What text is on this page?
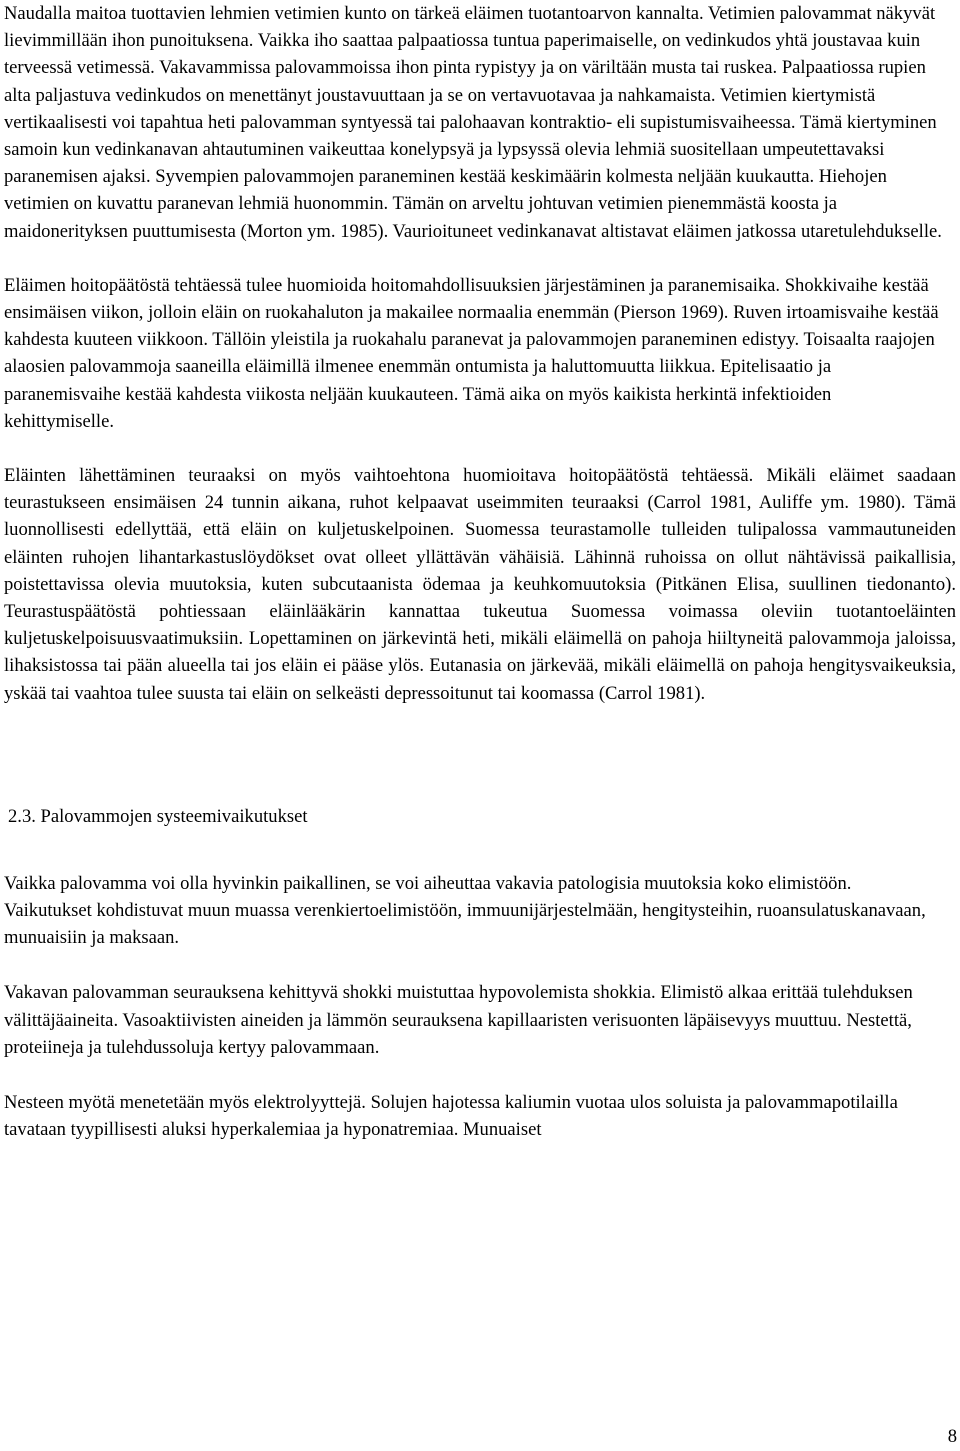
Naudalla maitoa tuottavien lehmien vetimien kunto on tärkeä eläimen tuotantoarvon kannalta. Vetimien palovammat näkyvät lievimmillään ihon punoituksena. Vaikka iho saattaa palpaatiossa tuntua paperimaiselle, on vedinkudos yhtä joustavaa kuin terveessä vetimessä. Vakavammissa palovammoissa ihon pinta rypistyy ja on väriltään musta tai ruskea. Palpaatiossa rupien alta paljastuva vedinkudos on menettänyt joustavuuttaan ja se on vertavuotavaa ja nahkamaista. Vetimien kiertymistä vertikaalisesti voi tapahtua heti palovamman syntyessä tai palohaavan kontraktio- eli supistumisvaiheessa. Tämä kiertyminen samoin kun vedinkanavan ahtautuminen vaikeuttaa konelypsyä ja lypsyssä olevia lehmiä suositellaan umpeutettavaksi paranemisen ajaksi. Syvempien palovammojen paraneminen kestää keskimäärin kolmesta neljään kuukautta. Hiehojen vetimien on kuvattu paranevan lehmiä huonommin. Tämän on arveltu johtuvan vetimien pienemmästä koosta ja maidonerityksen puuttumisesta (Morton ym. 1985). Vaurioituneet vedinkanavat altistavat eläimen jatkossa utaretulehdukselle.

Eläimen hoitopäätöstä tehtäessä tulee huomioida hoitomahdollisuuksien järjestäminen ja paranemisaika. Shokkivaihe kestää ensimäisen viikon, jolloin eläin on ruokahaluton ja makailee normaalia enemmän (Pierson 1969). Ruven irtoamisvaihe kestää kahdesta kuuteen viikkoon. Tällöin yleistila ja ruokahalu paranevat ja palovammojen paraneminen edistyy. Toisaalta raajojen alaosien palovammoja saaneilla eläimillä ilmenee enemmän ontumista ja haluttomuutta liikkua. Epitelisaatio ja paranemisvaihe kestää kahdesta viikosta neljään kuukauteen. Tämä aika on myös kaikista herkintä infektioiden kehittymiselle.

Eläinten lähettäminen teuraaksi on myös vaihtoehtona huomioitava hoitopäätöstä tehtäessä. Mikäli eläimet saadaan teurastukseen ensimäisen 24 tunnin aikana, ruhot kelpaavat useimmiten teuraaksi (Carrol 1981, Auliffe ym. 1980). Tämä luonnollisesti edellyttää, että eläin on kuljetuskelpoinen. Suomessa teurastamolle tulleiden tulipalossa vammautuneiden eläinten ruhojen lihantarkastuslöydökset ovat olleet yllättävän vähäisiä. Lähinnä ruhoissa on ollut nähtävissä paikallisia, poistettavissa olevia muutoksia, kuten subcutaanista ödemaa ja keuhkomuutoksia (Pitkänen Elisa, suullinen tiedonanto). Teurastuspäätöstä pohtiessaan eläinlääkärin kannattaa tukeutua Suomessa voimassa oleviin tuotantoeläinten kuljetuskelpoisuusvaatimuksiin. Lopettaminen on järkevintä heti, mikäli eläimellä on pahoja hiiltyneitä palovammoja jaloissa, lihaksistossa tai pään alueella tai jos eläin ei pääse ylös. Eutanasia on järkevää, mikäli eläimellä on pahoja hengitysvaikeuksia, yskää tai vaahtoa tulee suusta tai eläin on selkeästi depressoitunut tai koomassa (Carrol 1981).

2.3. Palovammojen systeemivaikutukset

Vaikka palovamma voi olla hyvinkin paikallinen, se voi aiheuttaa vakavia patologisia muutoksia koko elimistöön. Vaikutukset kohdistuvat muun muassa verenkiertoelimistöön, immuunijärjestelmään, hengitysteihin, ruoansulatuskanavaan, munuaisiin ja maksaan.

Vakavan palovamman seurauksena kehittyvä shokki muistuttaa hypovolemista shokkia. Elimistö alkaa erittää tulehduksen välittäjäaineita. Vasoaktiivisten aineiden ja lämmön seurauksena kapillaaristen verisuonten läpäisevyys muuttuu. Nestettä, proteiineja ja tulehdussoluja kertyy palovammaan.

Nesteen myötä menetetään myös elektrolyyttejä. Solujen hajotessa kaliumin vuotaa ulos soluista ja palovammapotilailla tavataan tyypillisesti aluksi hyperkalemiaa ja hyponatremiaa. Munuaiset

8
